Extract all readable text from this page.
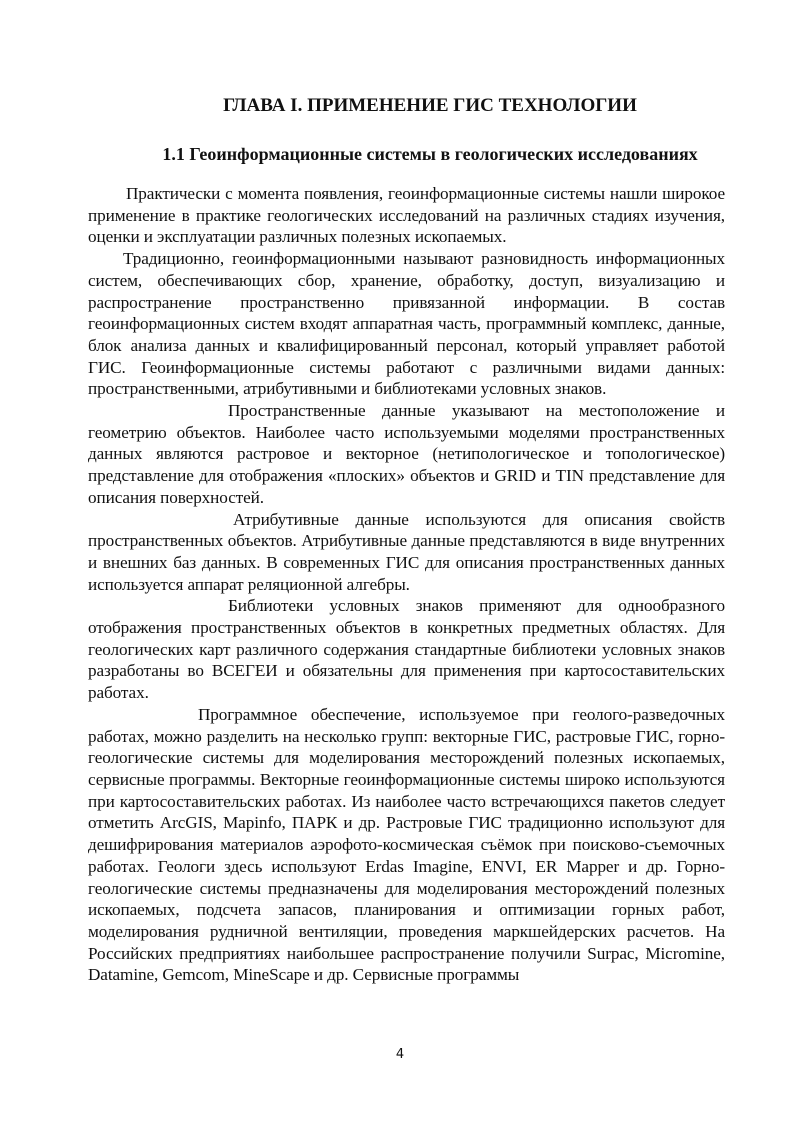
ГЛАВА I. ПРИМЕНЕНИЕ ГИС ТЕХНОЛОГИИ
1.1 Геоинформационные системы в геологических исследованиях

Практически с момента появления, геоинформационные системы нашли широкое применение в практике геологических исследований на различных стадиях изучения, оценки и эксплуатации различных полезных ископаемых.

Традиционно, геоинформационными называют разновидность информационных систем, обеспечивающих сбор, хранение, обработку, доступ, визуализацию и распространение пространственно привязанной информации. В состав геоинформационных систем входят аппаратная часть, программный комплекс, данные, блок анализа данных и квалифицированный персонал, который управляет работой ГИС. Геоинформационные системы работают с различными видами данных: пространственными, атрибутивными и библиотеками условных знаков.

Пространственные данные указывают на местоположение и геометрию объектов. Наиболее часто используемыми моделями пространственных данных являются растровое и векторное (нетипологическое и топологическое) представление для отображения «плоских» объектов и GRID и TIN представление для описания поверхностей.

Атрибутивные данные используются для описания свойств пространственных объектов. Атрибутивные данные представляются в виде внутренних и внешних баз данных. В современных ГИС для описания пространственных данных используется аппарат реляционной алгебры.

Библиотеки условных знаков применяют для однообразного отображения пространственных объектов в конкретных предметных областях. Для геологических карт различного содержания стандартные библиотеки условных знаков разработаны во ВСЕГЕИ и обязательны для применения при картосоставительских работах.

Программное обеспечение, используемое при геолого-разведочных работах, можно разделить на несколько групп: векторные ГИС, растровые ГИС, горно-геологические системы для моделирования месторождений полезных ископаемых, сервисные программы. Векторные геоинформационные системы широко используются при картосоставительских работах. Из наиболее часто встречающихся пакетов следует отметить ArcGIS, Mapinfo, ПАРК и др. Растровые ГИС традиционно используют для дешифрирования материалов аэрофото-космическая съёмок при поисково-съемочных работах. Геологи здесь используют Erdas Imagine, ENVI, ER Mapper и др. Горно-геологические системы предназначены для моделирования месторождений полезных ископаемых, подсчета запасов, планирования и оптимизации горных работ, моделирования рудничной вентиляции, проведения маркшейдерских расчетов. На Российских предприятиях наибольшее распространение получили Surpac, Micromine, Datamine, Gemcom, MineScape и др. Сервисные программы

4
